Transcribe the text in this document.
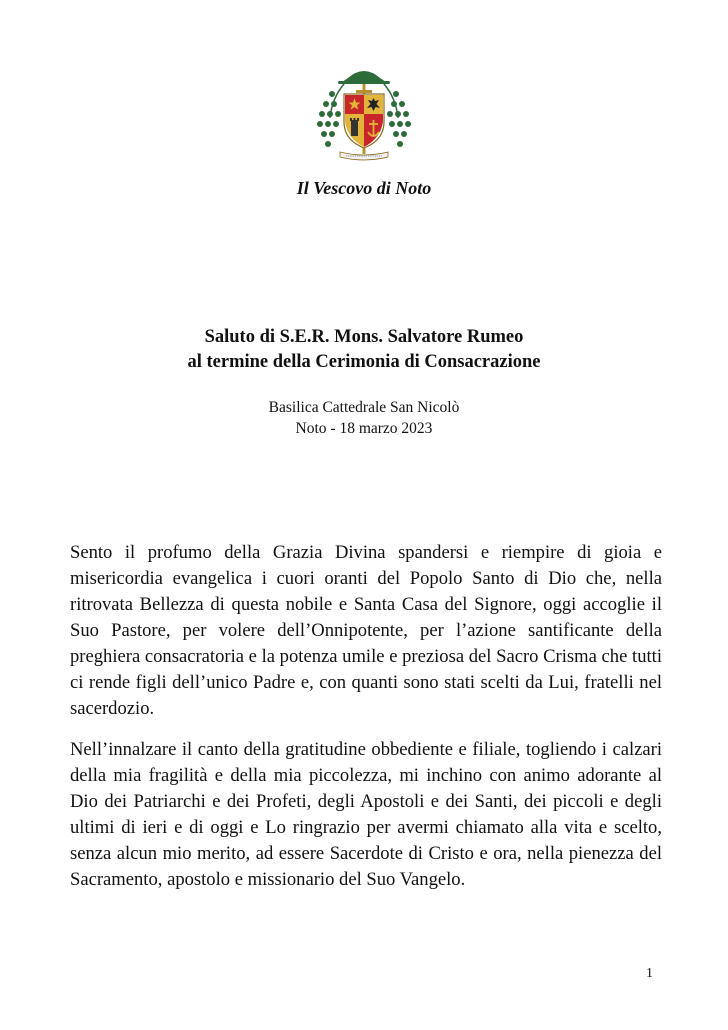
Il Vescovo di Noto
Saluto di S.E.R. Mons. Salvatore Rumeo
al termine della Cerimonia di Consacrazione
Basilica Cattedrale San Nicolò
Noto - 18 marzo 2023

Sento il profumo della Grazia Divina spandersi e riempire di gioia e misericordia evangelica i cuori oranti del Popolo Santo di Dio che, nella ritrovata Bellezza di questa nobile e Santa Casa del Signore, oggi accoglie il Suo Pastore, per volere dell’Onnipotente, per l’azione santificante della preghiera consacratoria e la potenza umile e preziosa del Sacro Crisma che tutti ci rende figli dell’unico Padre e, con quanti sono stati scelti da Lui, fratelli nel sacerdozio.

Nell’innalzare il canto della gratitudine obbediente e filiale, togliendo i calzari della mia fragilità e della mia piccolezza, mi inchino con animo adorante al Dio dei Patriarchi e dei Profeti, degli Apostoli e dei Santi, dei piccoli e degli ultimi di ieri e di oggi e Lo ringrazio per avermi chiamato alla vita e scelto, senza alcun mio merito, ad essere Sacerdote di Cristo e ora, nella pienezza del Sacramento, apostolo e missionario del Suo Vangelo.

1
